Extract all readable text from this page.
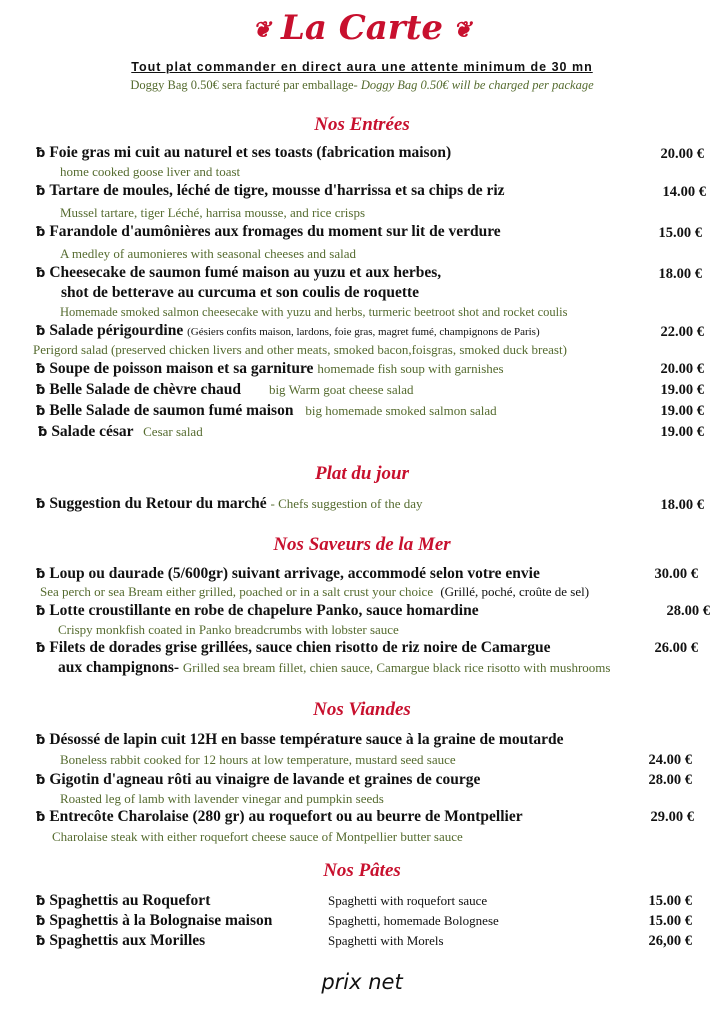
❦ La Carte ❦
Tout plat commander en direct aura une attente minimum de 30 mn
Doggy Bag 0.50€ sera facturé par emballage- Doggy Bag 0.50€ will be charged per package
Nos Entrées
ƀ Foie gras mi cuit au naturel et ses toasts (fabrication maison)	20.00 €
home cooked goose liver and toast
ƀ Tartare de moules, léché de tigre, mousse d'harrissa et sa chips de riz	14.00 €
Mussel tartare, tiger Léché, harrisa mousse, and rice crisps
ƀ Farandole d'aumônières aux fromages du moment sur lit de verdure	15.00 €
A medley of aumonieres with seasonal cheeses and salad
ƀ Cheesecake de saumon fumé maison au yuzu et aux herbes,	18.00 €
shot de betterave au curcuma et son coulis de roquette
Homemade smoked salmon cheesecake with yuzu and herbs, turmeric beetroot shot and rocket coulis
ƀ Salade périgourdine (Gésiers confits maison, lardons, foie gras, magret fumé, champignons de Paris)	22.00 €
Perigord salad (preserved chicken livers and other meats, smoked bacon,foisgras, smoked duck breast)
ƀ Soupe de poisson maison et sa garniture homemade fish soup with garnishes	20.00 €
ƀ Belle Salade de chèvre chaud big Warm goat cheese salad	19.00 €
ƀ Belle Salade de saumon fumé maison big homemade smoked salmon salad	19.00 €
ƀ Salade césar Cesar salad	19.00 €
Plat du jour
ƀ Suggestion du Retour du marché - Chefs suggestion of the day	18.00 €
Nos Saveurs de la Mer
ƀ Loup ou daurade (5/600gr) suivant arrivage, accommodé selon votre envie	30.00 €
Sea perch or sea Bream either grilled, poached or in a salt crust your choice (Grillé, poché, croûte de sel)
ƀ Lotte croustillante en robe de chapelure Panko, sauce homardine	28.00 €
Crispy monkfish coated in Panko breadcrumbs with lobster sauce
ƀ Filets de dorades grise grillées, sauce chien risotto de riz noire de Camargue	26.00 €
aux champignons- Grilled sea bream fillet, chien sauce, Camargue black rice risotto with mushrooms
Nos Viandes
ƀ Désossé de lapin cuit 12H en basse température sauce à la graine de moutarde
Boneless rabbit cooked for 12 hours at low temperature, mustard seed sauce	24.00 €
ƀ Gigotin d'agneau rôti au vinaigre de lavande et graines de courge	28.00 €
Roasted leg of lamb with lavender vinegar and pumpkin seeds
ƀ Entrecôte Charolaise (280 gr) au roquefort ou au beurre de Montpellier	29.00 €
Charolaise steak with either roquefort cheese sauce of Montpellier butter sauce
Nos Pâtes
ƀ Spaghettis au Roquefort	Spaghetti with roquefort sauce	15.00 €
ƀ Spaghettis à la Bolognaise maison	Spaghetti, homemade Bolognese	15.00 €
ƀ Spaghettis aux Morilles	Spaghetti with Morels	26,00 €
prix net
